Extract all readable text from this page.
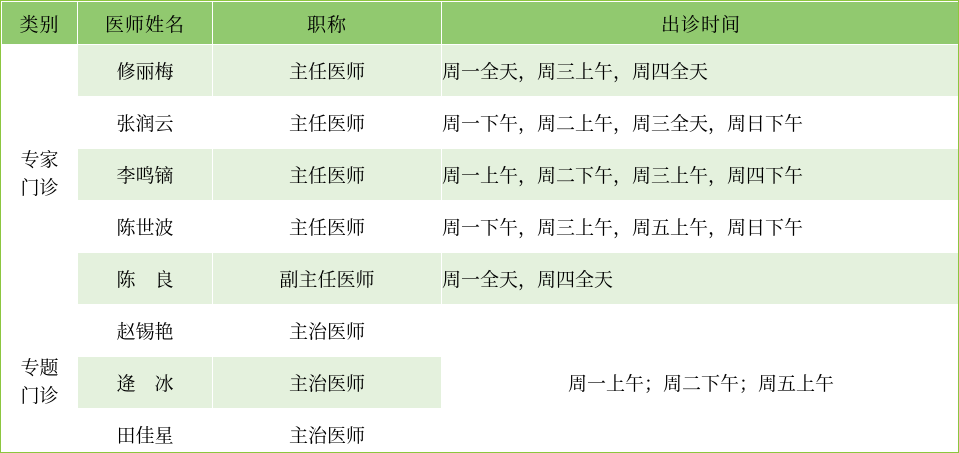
类别	医师姓名	职称	出诊时间
专家
门诊	修丽梅	主任医师	周一全天，周三上午，周四全天
	张润云	主任医师	周一下午，周二上午，周三全天，周日下午
	李鸣镝	主任医师	周一上午，周二下午，周三上午，周四下午
	陈世波	主任医师	周一下午，周三上午，周五上午，周日下午
	陈　良	副主任医师	周一全天，周四全天
专题
门诊	赵锡艳	主治医师	周一上午；周二下午；周五上午
	逄　冰	主治医师	
	田佳星	主治医师	
